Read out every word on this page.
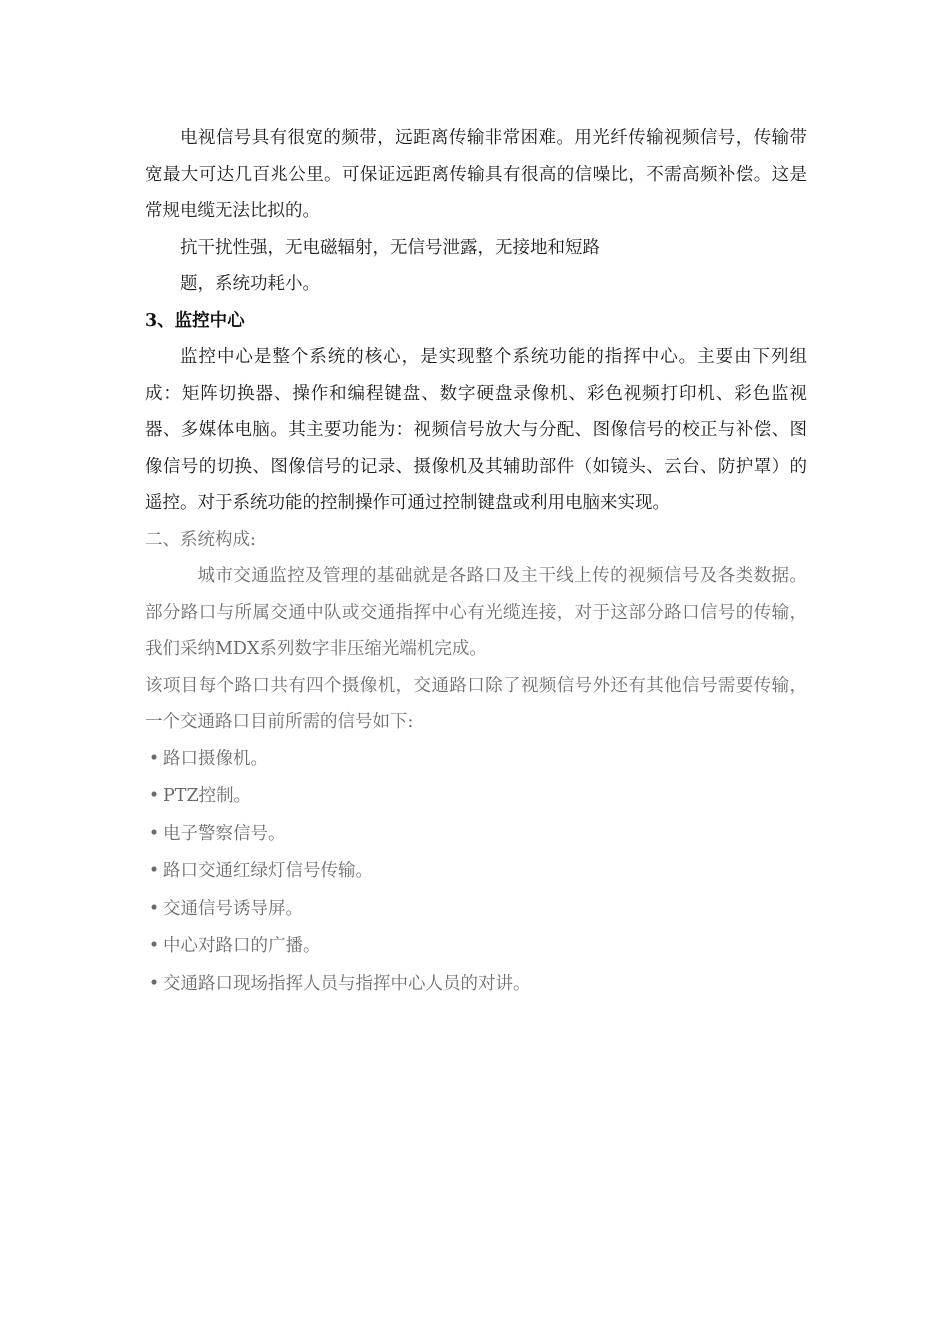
电视信号具有很宽的频带，远距离传输非常困难。用光纤传输视频信号，传输带宽最大可达几百兆公里。可保证远距离传输具有很高的信噪比，不需高频补偿。这是常规电缆无法比拟的。

抗干扰性强，无电磁辐射，无信号泄露，无接地和短路

题，系统功耗小。

3、监控中心

监控中心是整个系统的核心，是实现整个系统功能的指挥中心。主要由下列组成：矩阵切换器、操作和编程键盘、数字硬盘录像机、彩色视频打印机、彩色监视器、多媒体电脑。其主要功能为：视频信号放大与分配、图像信号的校正与补偿、图像信号的切换、图像信号的记录、摄像机及其辅助部件（如镜头、云台、防护罩）的遥控。对于系统功能的控制操作可通过控制键盘或利用电脑来实现。

二、系统构成:

城市交通监控及管理的基础就是各路口及主干线上传的视频信号及各类数据。部分路口与所属交通中队或交通指挥中心有光缆连接，对于这部分路口信号的传输，我们采纳MDX系列数字非压缩光端机完成。

该项目每个路口共有四个摄像机，交通路口除了视频信号外还有其他信号需要传输，一个交通路口目前所需的信号如下:

• 路口摄像机。
• PTZ控制。
• 电子警察信号。
• 路口交通红绿灯信号传输。
• 交通信号诱导屏。
• 中心对路口的广播。
• 交通路口现场指挥人员与指挥中心人员的对讲。
